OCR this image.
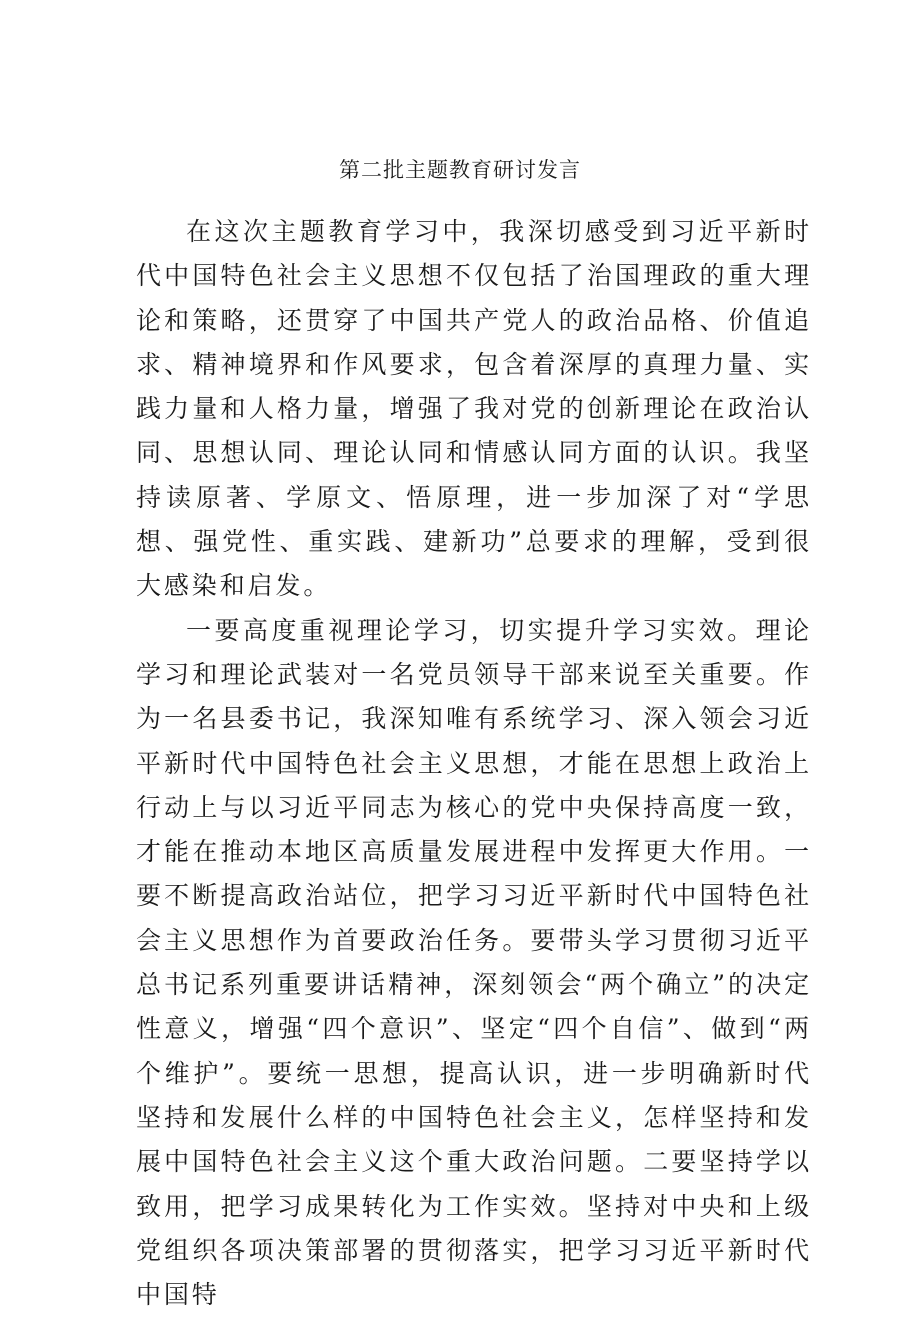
第二批主题教育研讨发言

在这次主题教育学习中，我深切感受到习近平新时代中国特色社会主义思想不仅包括了治国理政的重大理论和策略，还贯穿了中国共产党人的政治品格、价值追求、精神境界和作风要求，包含着深厚的真理力量、实践力量和人格力量，增强了我对党的创新理论在政治认同、思想认同、理论认同和情感认同方面的认识。我坚持读原著、学原文、悟原理，进一步加深了对“学思想、强党性、重实践、建新功”总要求的理解，受到很大感染和启发。

一要高度重视理论学习，切实提升学习实效。理论学习和理论武装对一名党员领导干部来说至关重要。作为一名县委书记，我深知唯有系统学习、深入领会习近平新时代中国特色社会主义思想，才能在思想上政治上行动上与以习近平同志为核心的党中央保持高度一致，才能在推动本地区高质量发展进程中发挥更大作用。一要不断提高政治站位，把学习习近平新时代中国特色社会主义思想作为首要政治任务。要带头学习贯彻习近平总书记系列重要讲话精神，深刻领会“两个确立”的决定性意义，增强“四个意识”、坚定“四个自信”、做到“两个维护”。要统一思想，提高认识，进一步明确新时代坚持和发展什么样的中国特色社会主义，怎样坚持和发展中国特色社会主义这个重大政治问题。二要坚持学以致用，把学习成果转化为工作实效。坚持对中央和上级党组织各项决策部署的贯彻落实，把学习习近平新时代中国特
